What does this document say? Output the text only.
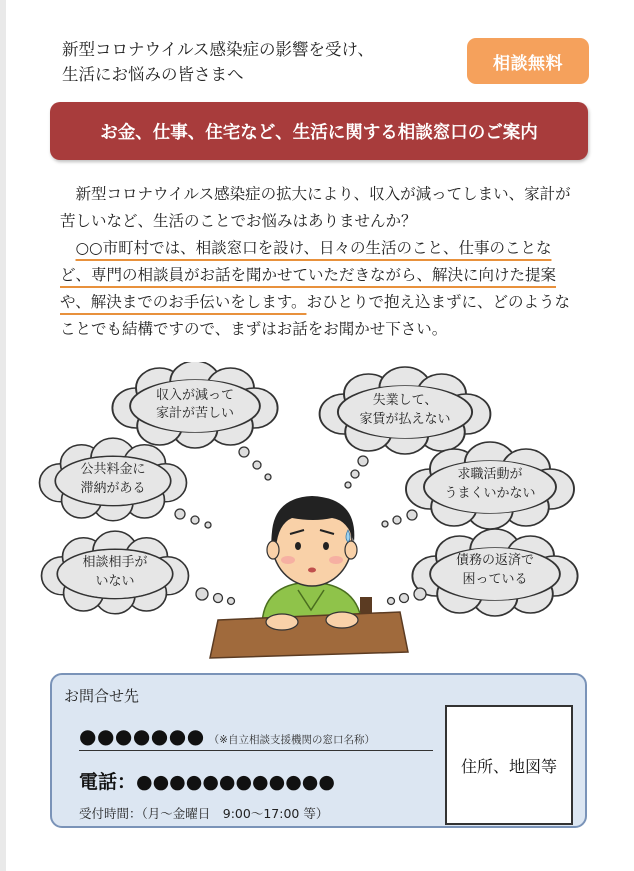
新型コロナウイルス感染症の影響を受け、
生活にお悩みの皆さまへ
相談無料
お金、仕事、住宅など、生活に関する相談窓口のご案内

　新型コロナウイルス感染症の拡大により、収入が減ってしまい、家計が苦しいなど、生活のことでお悩みはありませんか？

　○○市町村では、相談窓口を設け、日々の生活のこと、仕事のことなど、専門の相談員がお話を聞かせていただきながら、解決に向けた提案や、解決までのお手伝いをします。おひとりで抱え込まずに、どのようなことでも結構ですので、まずはお話をお聞かせ下さい。

収入が減って
家計が苦しい
失業して、
家賃が払えない
公共料金に
滞納がある
求職活動が
うまくいかない
相談相手が
いない
債務の返済で
困っている
お問合せ先
●●●●●●● （※自立相談支援機関の窓口名称）
電話：●●●●●●●●●●●●
受付時間：（月～金曜日　9:00～17:00 等）
住所、地図等
